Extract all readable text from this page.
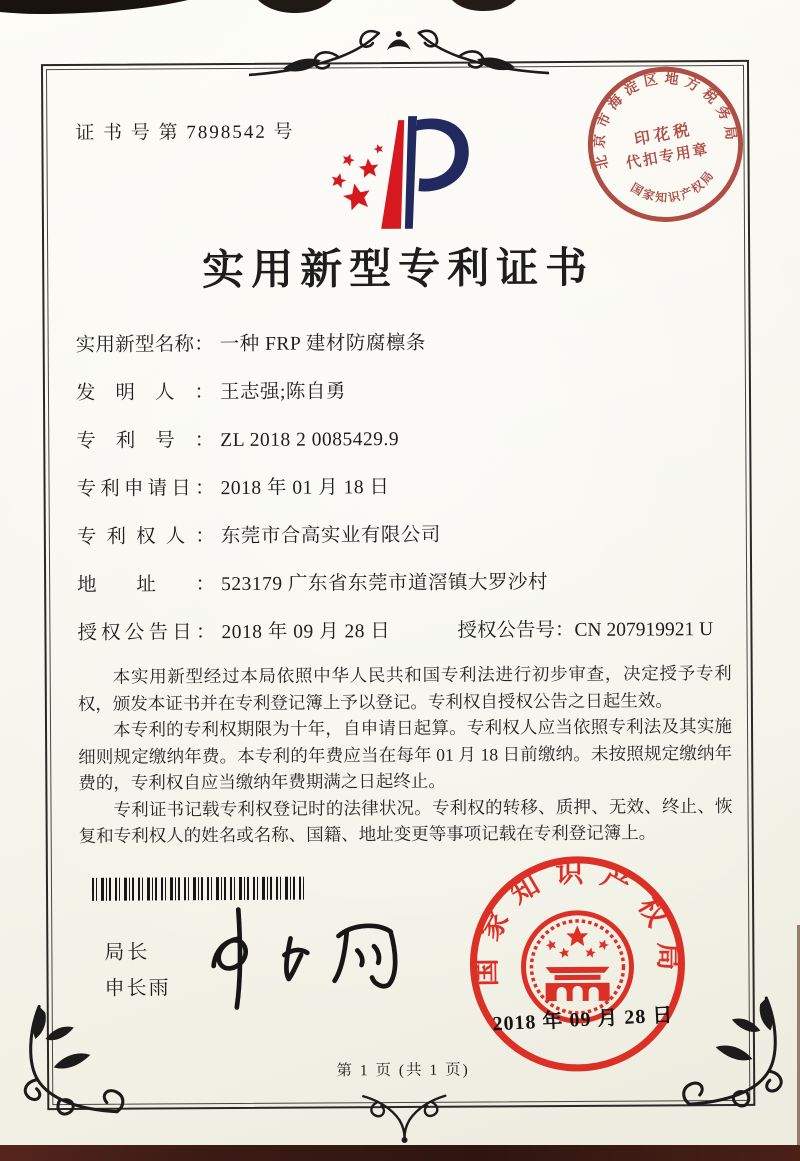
证 书 号 第 7898542 号
实用新型专利证书
实用新型名称： 一种 FRP 建材防腐檩条
发明人： 王志强;陈自勇
专利号： ZL 2018 2 0085429.9
专利申请日： 2018 年 01 月 18 日
专利权人： 东莞市合高实业有限公司
地址： 523179 广东省东莞市道滘镇大罗沙村
授权公告日： 2018 年 09 月 28 日	授权公告号：CN 207919921 U

本实用新型经过本局依照中华人民共和国专利法进行初步审查，决定授予专利权，颁发本证书并在专利登记簿上予以登记。专利权自授权公告之日起生效。

本专利的专利权期限为十年，自申请日起算。专利权人应当依照专利法及其实施细则规定缴纳年费。本专利的年费应当在每年 01 月 18 日前缴纳。未按照规定缴纳年费的，专利权自应当缴纳年费期满之日起终止。

专利证书记载专利权登记时的法律状况。专利权的转移、质押、无效、终止、恢复和专利权人的姓名或名称、国籍、地址变更等事项记载在专利登记簿上。

局长
申长雨
国家知识产权局
2018 年 09 月 28 日
北京市海淀区地方税务局
国家知识产权局
印花税
代扣专用章
第 1 页 (共 1 页)
